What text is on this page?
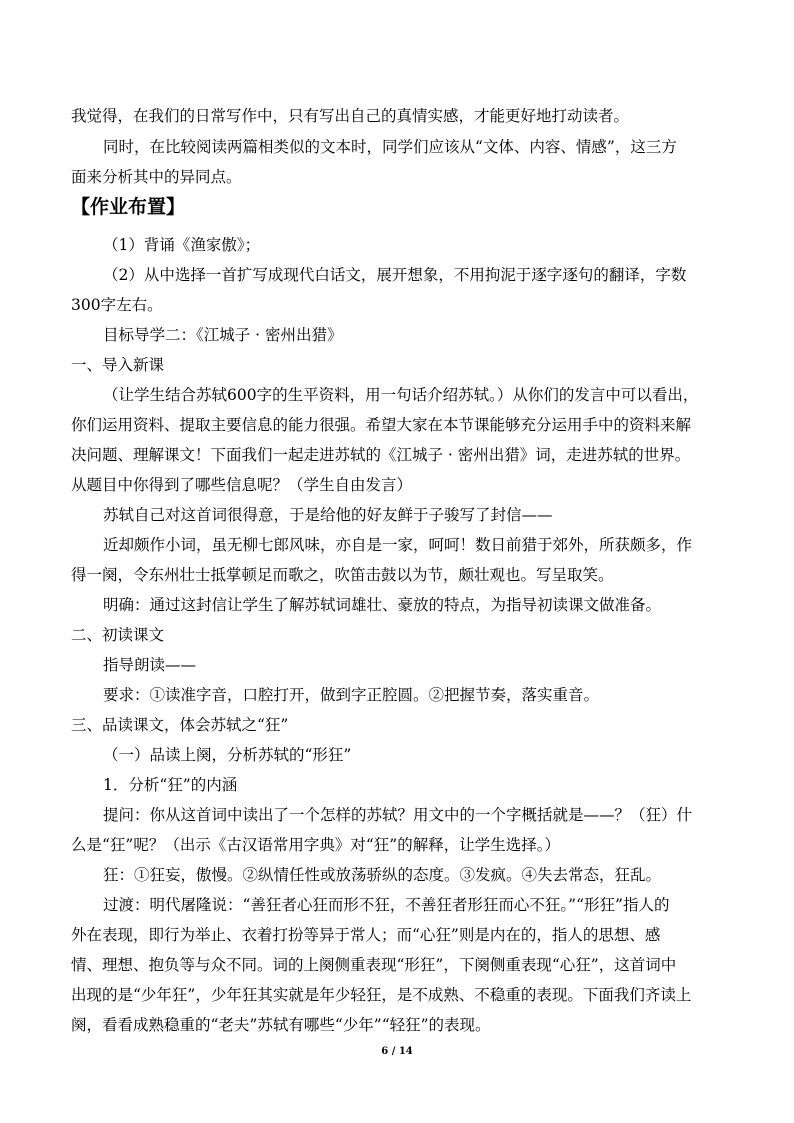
我觉得，在我们的日常写作中，只有写出自己的真情实感，才能更好地打动读者。
同时，在比较阅读两篇相类似的文本时，同学们应该从“文体、内容、情感”，这三方
面来分析其中的异同点。
【作业布置】
（1）背诵《渔家傲》；
（2）从中选择一首扩写成现代白话文，展开想象，不用拘泥于逐字逐句的翻译，字数
300字左右。
目标导学二：《江城子 · 密州出猎》
一、导入新课
（让学生结合苏轼600字的生平资料，用一句话介绍苏轼。）从你们的发言中可以看出，
你们运用资料、提取主要信息的能力很强。希望大家在本节课能够充分运用手中的资料来解
决问题、理解课文！下面我们一起走进苏轼的《江城子 · 密州出猎》词，走进苏轼的世界。
从题目中你得到了哪些信息呢？（学生自由发言）
苏轼自己对这首词很得意，于是给他的好友鲜于子骏写了封信——
近却颇作小词，虽无柳七郎风味，亦自是一家，呵呵！数日前猎于郊外，所获颇多，作
得一阕，令东州壮士抵掌顿足而歌之，吹笛击鼓以为节，颇壮观也。写呈取笑。
明确：通过这封信让学生了解苏轼词雄壮、豪放的特点，为指导初读课文做准备。
二、初读课文
指导朗读——
要求：①读准字音，口腔打开，做到字正腔圆。②把握节奏，落实重音。
三、品读课文，体会苏轼之“狂”
（一）品读上阕，分析苏轼的“形狂”
1．分析“狂”的内涵
提问：你从这首词中读出了一个怎样的苏轼？用文中的一个字概括就是——？（狂）什
么是“狂”呢？（出示《古汉语常用字典》对“狂”的解释，让学生选择。）
狂：①狂妄，傲慢。②纵情任性或放荡骄纵的态度。③发疯。④失去常态，狂乱。
过渡：明代屠隆说：“善狂者心狂而形不狂，不善狂者形狂而心不狂。”“形狂”指人的
外在表现，即行为举止、衣着打扮等异于常人；而“心狂”则是内在的，指人的思想、感
情、理想、抱负等与众不同。词的上阕侧重表现“形狂”，下阕侧重表现“心狂”，这首词中
出现的是“少年狂”，少年狂其实就是年少轻狂，是不成熟、不稳重的表现。下面我们齐读上
阕，看看成熟稳重的“老夫”苏轼有哪些“少年”“轻狂”的表现。
6 / 14
